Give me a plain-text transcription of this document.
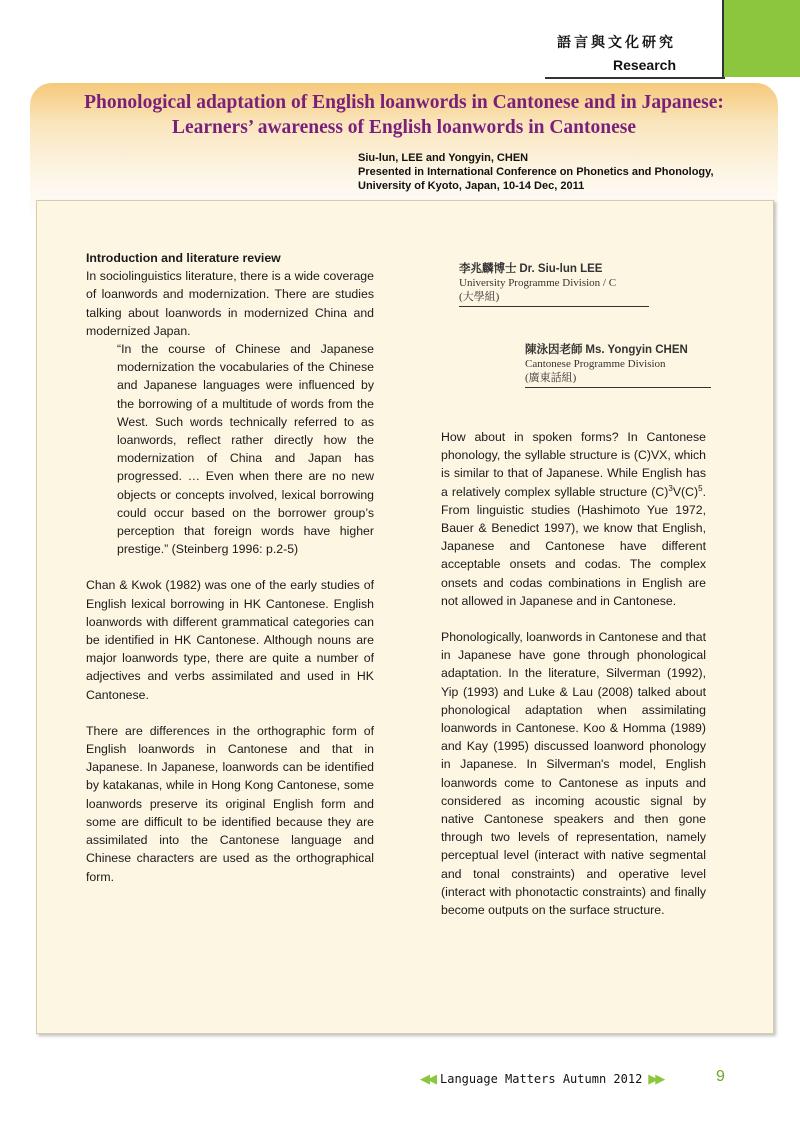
語言與文化研究
Research
Phonological adaptation of English loanwords in Cantonese and in Japanese:
Learners’ awareness of English loanwords in Cantonese
Siu-lun, LEE and Yongyin, CHEN
Presented in International Conference on Phonetics and Phonology,
University of Kyoto, Japan, 10-14 Dec, 2011

Introduction and literature review

In sociolinguistics literature, there is a wide coverage of loanwords and modernization. There are studies talking about loanwords in modernized China and modernized Japan.

“In the course of Chinese and Japanese modernization the vocabularies of the Chinese and Japanese languages were influenced by the borrowing of a multitude of words from the West. Such words technically referred to as loanwords, reflect rather directly how the modernization of China and Japan has progressed. … Even when there are no new objects or concepts involved, lexical borrowing could occur based on the borrower group’s perception that foreign words have higher prestige.” (Steinberg 1996: p.2-5)

Chan & Kwok (1982) was one of the early studies of English lexical borrowing in HK Cantonese. English loanwords with different grammatical categories can be identified in HK Cantonese. Although nouns are major loanwords type, there are quite a number of adjectives and verbs assimilated and used in HK Cantonese.

There are differences in the orthographic form of English loanwords in Cantonese and that in Japanese. In Japanese, loanwords can be identified by katakanas, while in Hong Kong Cantonese, some loanwords preserve its original English form and some are difficult to be identified because they are assimilated into the Cantonese language and Chinese characters are used as the orthographical form.

李兆麟博士 Dr. Siu-lun LEE
University Programme Division / C
(大學組)
陳泳因老師 Ms. Yongyin CHEN
Cantonese Programme Division
(廣東話組)

How about in spoken forms? In Cantonese phonology, the syllable structure is (C)VX, which is similar to that of Japanese. While English has a relatively complex syllable structure $(C)^3V(C)^5$. From linguistic studies (Hashimoto Yue 1972, Bauer & Benedict 1997), we know that English, Japanese and Cantonese have different acceptable onsets and codas. The complex onsets and codas combinations in English are not allowed in Japanese and in Cantonese.

Phonologically, loanwords in Cantonese and that in Japanese have gone through phonological adaptation. In the literature, Silverman (1992), Yip (1993) and Luke & Lau (2008) talked about phonological adaptation when assimilating loanwords in Cantonese. Koo & Homma (1989) and Kay (1995) discussed loanword phonology in Japanese. In Silverman's model, English loanwords come to Cantonese as inputs and considered as incoming acoustic signal by native Cantonese speakers and then gone through two levels of representation, namely perceptual level (interact with native segmental and tonal constraints) and operative level (interact with phonotactic constraints) and finally become outputs on the surface structure.

◀◀ Language Matters Autumn 2012 ▶▶	9
